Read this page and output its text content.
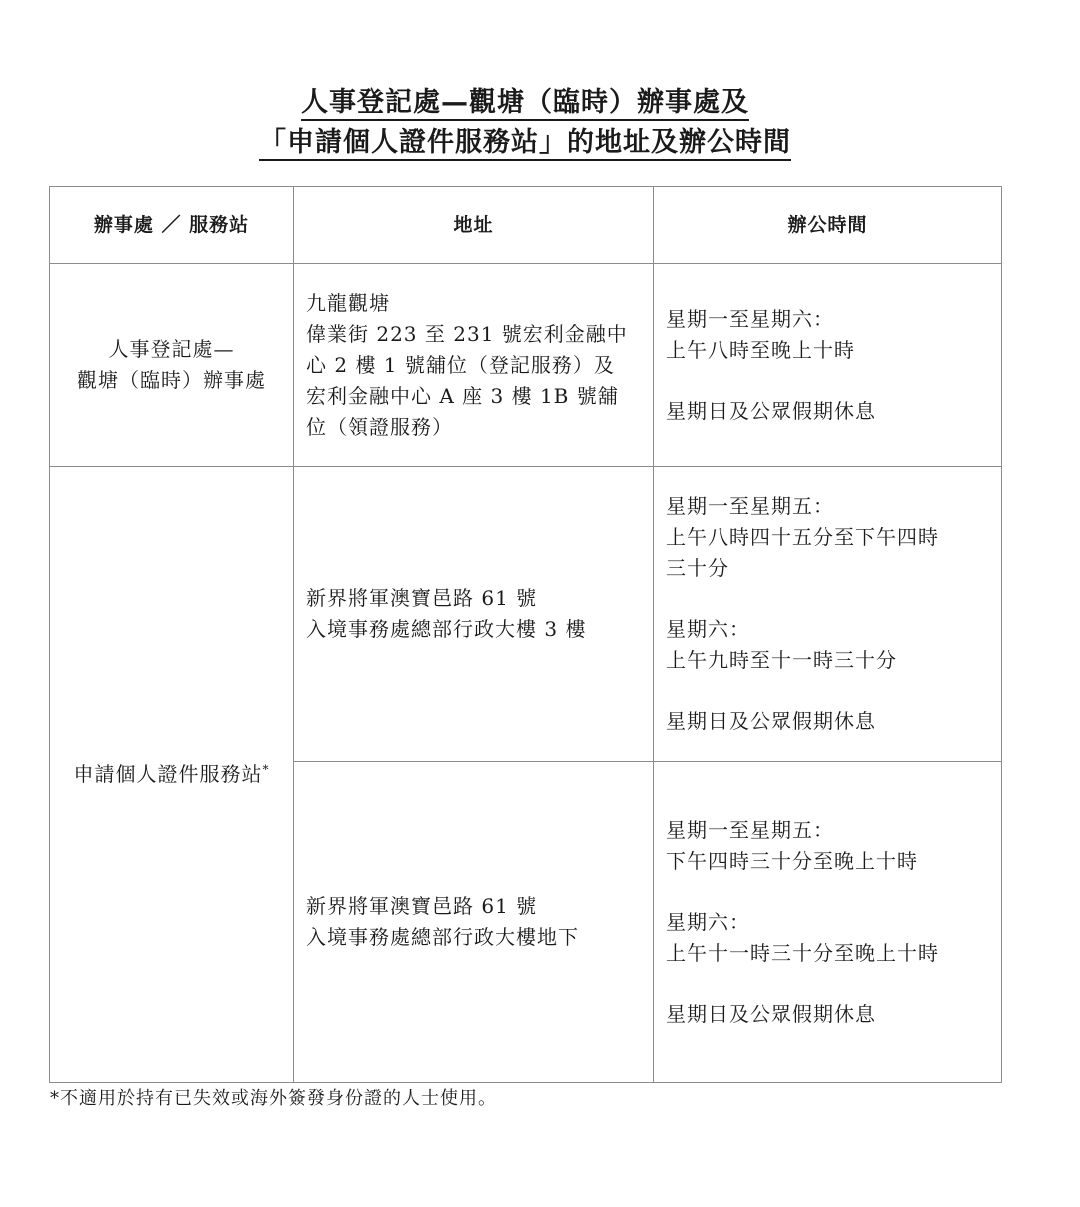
人事登記處—觀塘（臨時）辦事處及
「申請個人證件服務站」的地址及辦公時間
辦事處 ／ 服務站	地址	辦公時間
人事登記處—
觀塘（臨時）辦事處
九龍觀塘
偉業街 223 至 231 號宏利金融中
心 2 樓 1 號舖位（登記服務）及
宏利金融中心 A 座 3 樓 1B 號舖
位（領證服務）
星期一至星期六：
上午八時至晚上十時
星期日及公眾假期休息
申請個人證件服務站*
新界將軍澳寶邑路 61 號
入境事務處總部行政大樓 3 樓
星期一至星期五：
上午八時四十五分至下午四時
三十分
星期六：
上午九時至十一時三十分
星期日及公眾假期休息
新界將軍澳寶邑路 61 號
入境事務處總部行政大樓地下
星期一至星期五：
下午四時三十分至晚上十時
星期六：
上午十一時三十分至晚上十時
星期日及公眾假期休息
*不適用於持有已失效或海外簽發身份證的人士使用。
